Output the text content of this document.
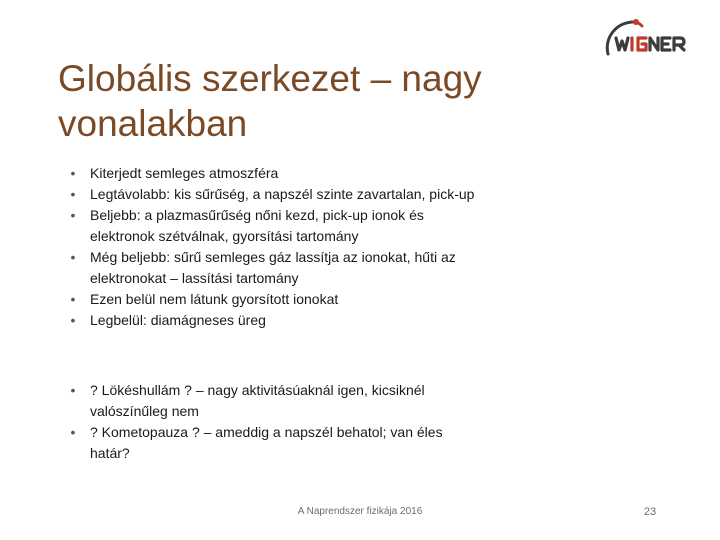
Globális szerkezet – nagy
vonalakban
•	Kiterjedt semleges atmoszféra
•	Legtávolabb: kis sűrűség, a napszél szinte zavartalan, pick-up
•	Beljebb: a plazmasűrűség nőni kezd, pick-up ionok és elektronok szétválnak, gyorsítási tartomány
•	Még beljebb: sűrű semleges gáz lassítja az ionokat, hűti az elektronokat – lassítási tartomány
•	Ezen belül nem látunk gyorsított ionokat
•	Legbelül: diamágneses üreg
•	? Lökéshullám ? – nagy aktivitásúaknál igen, kicsiknél valószínűleg nem
•	? Kometopauza ? – ameddig a napszél behatol; van éles határ?
A Naprendszer fizikája 2016	23
